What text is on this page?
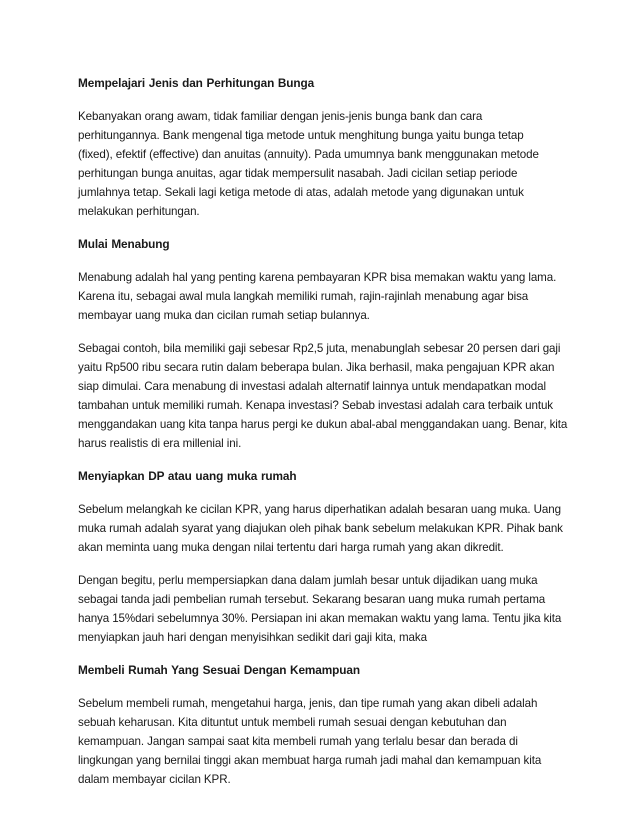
Mempelajari Jenis dan Perhitungan Bunga
Kebanyakan orang awam, tidak familiar dengan jenis-jenis bunga bank dan cara
perhitungannya. Bank mengenal tiga metode untuk menghitung bunga yaitu bunga tetap
(fixed), efektif (effective) dan anuitas (annuity). Pada umumnya bank menggunakan metode
perhitungan bunga anuitas, agar tidak mempersulit nasabah. Jadi cicilan setiap periode
jumlahnya tetap. Sekali lagi ketiga metode di atas, adalah metode yang digunakan untuk
melakukan perhitungan.
Mulai Menabung
Menabung adalah hal yang penting karena pembayaran KPR bisa memakan waktu yang lama.
Karena itu, sebagai awal mula langkah memiliki rumah, rajin-rajinlah menabung agar bisa
membayar uang muka dan cicilan rumah setiap bulannya.
Sebagai contoh, bila memiliki gaji sebesar Rp2,5 juta, menabunglah sebesar 20 persen dari gaji
yaitu Rp500 ribu secara rutin dalam beberapa bulan. Jika berhasil, maka pengajuan KPR akan
siap dimulai. Cara menabung di investasi adalah alternatif lainnya untuk mendapatkan modal
tambahan untuk memiliki rumah. Kenapa investasi? Sebab investasi adalah cara terbaik untuk
menggandakan uang kita tanpa harus pergi ke dukun abal-abal menggandakan uang. Benar, kita
harus realistis di era millenial ini.
Menyiapkan DP atau uang muka rumah
Sebelum melangkah ke cicilan KPR, yang harus diperhatikan adalah besaran uang muka. Uang
muka rumah adalah syarat yang diajukan oleh pihak bank sebelum melakukan KPR. Pihak bank
akan meminta uang muka dengan nilai tertentu dari harga rumah yang akan dikredit.
Dengan begitu, perlu mempersiapkan dana dalam jumlah besar untuk dijadikan uang muka
sebagai tanda jadi pembelian rumah tersebut. Sekarang besaran uang muka rumah pertama
hanya 15%dari sebelumnya 30%. Persiapan ini akan memakan waktu yang lama. Tentu jika kita
menyiapkan jauh hari dengan menyisihkan sedikit dari gaji kita, maka
Membeli Rumah Yang Sesuai Dengan Kemampuan
Sebelum membeli rumah, mengetahui harga, jenis, dan tipe rumah yang akan dibeli adalah
sebuah keharusan. Kita dituntut untuk membeli rumah sesuai dengan kebutuhan dan
kemampuan. Jangan sampai saat kita membeli rumah yang terlalu besar dan berada di
lingkungan yang bernilai tinggi akan membuat harga rumah jadi mahal dan kemampuan kita
dalam membayar cicilan KPR.
